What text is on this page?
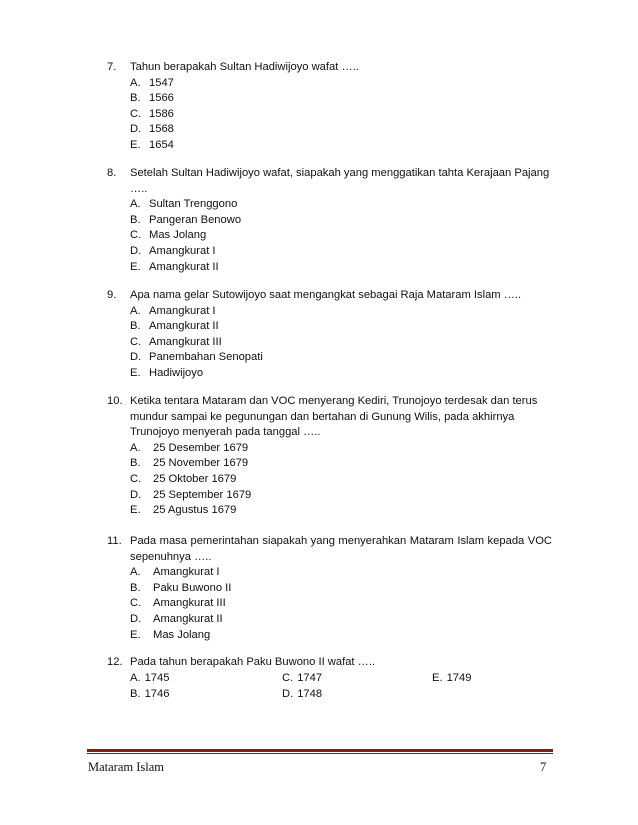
7.	Tahun berapakah Sultan Hadiwijoyo wafat …..
A. 1547
B. 1566
C. 1586
D. 1568
E. 1654
8.	Setelah Sultan Hadiwijoyo wafat, siapakah yang menggatikan tahta Kerajaan Pajang …..
A. Sultan Trenggono
B. Pangeran Benowo
C. Mas Jolang
D. Amangkurat I
E. Amangkurat II
9.	Apa nama gelar Sutowijoyo saat mengangkat sebagai Raja Mataram Islam …..
A. Amangkurat I
B. Amangkurat II
C. Amangkurat III
D. Panembahan Senopati
E. Hadiwijoyo
10. Ketika tentara Mataram dan VOC menyerang Kediri, Trunojoyo terdesak dan terus mundur sampai ke pegunungan dan bertahan di Gunung Wilis, pada akhirnya Trunojoyo menyerah pada tanggal …..
A.	25 Desember 1679
B.	25 November 1679
C.	25 Oktober 1679
D.	25 September 1679
E.	25 Agustus 1679
11. Pada masa pemerintahan siapakah yang menyerahkan Mataram Islam kepada VOC sepenuhnya …..
A.	Amangkurat I
B.	Paku Buwono II
C.	Amangkurat III
D.	Amangkurat II
E.	Mas Jolang
12. Pada tahun berapakah Paku Buwono II wafat …..
A. 1745
B. 1746
C. 1747
D. 1748
E. 1749
Mataram Islam	7
